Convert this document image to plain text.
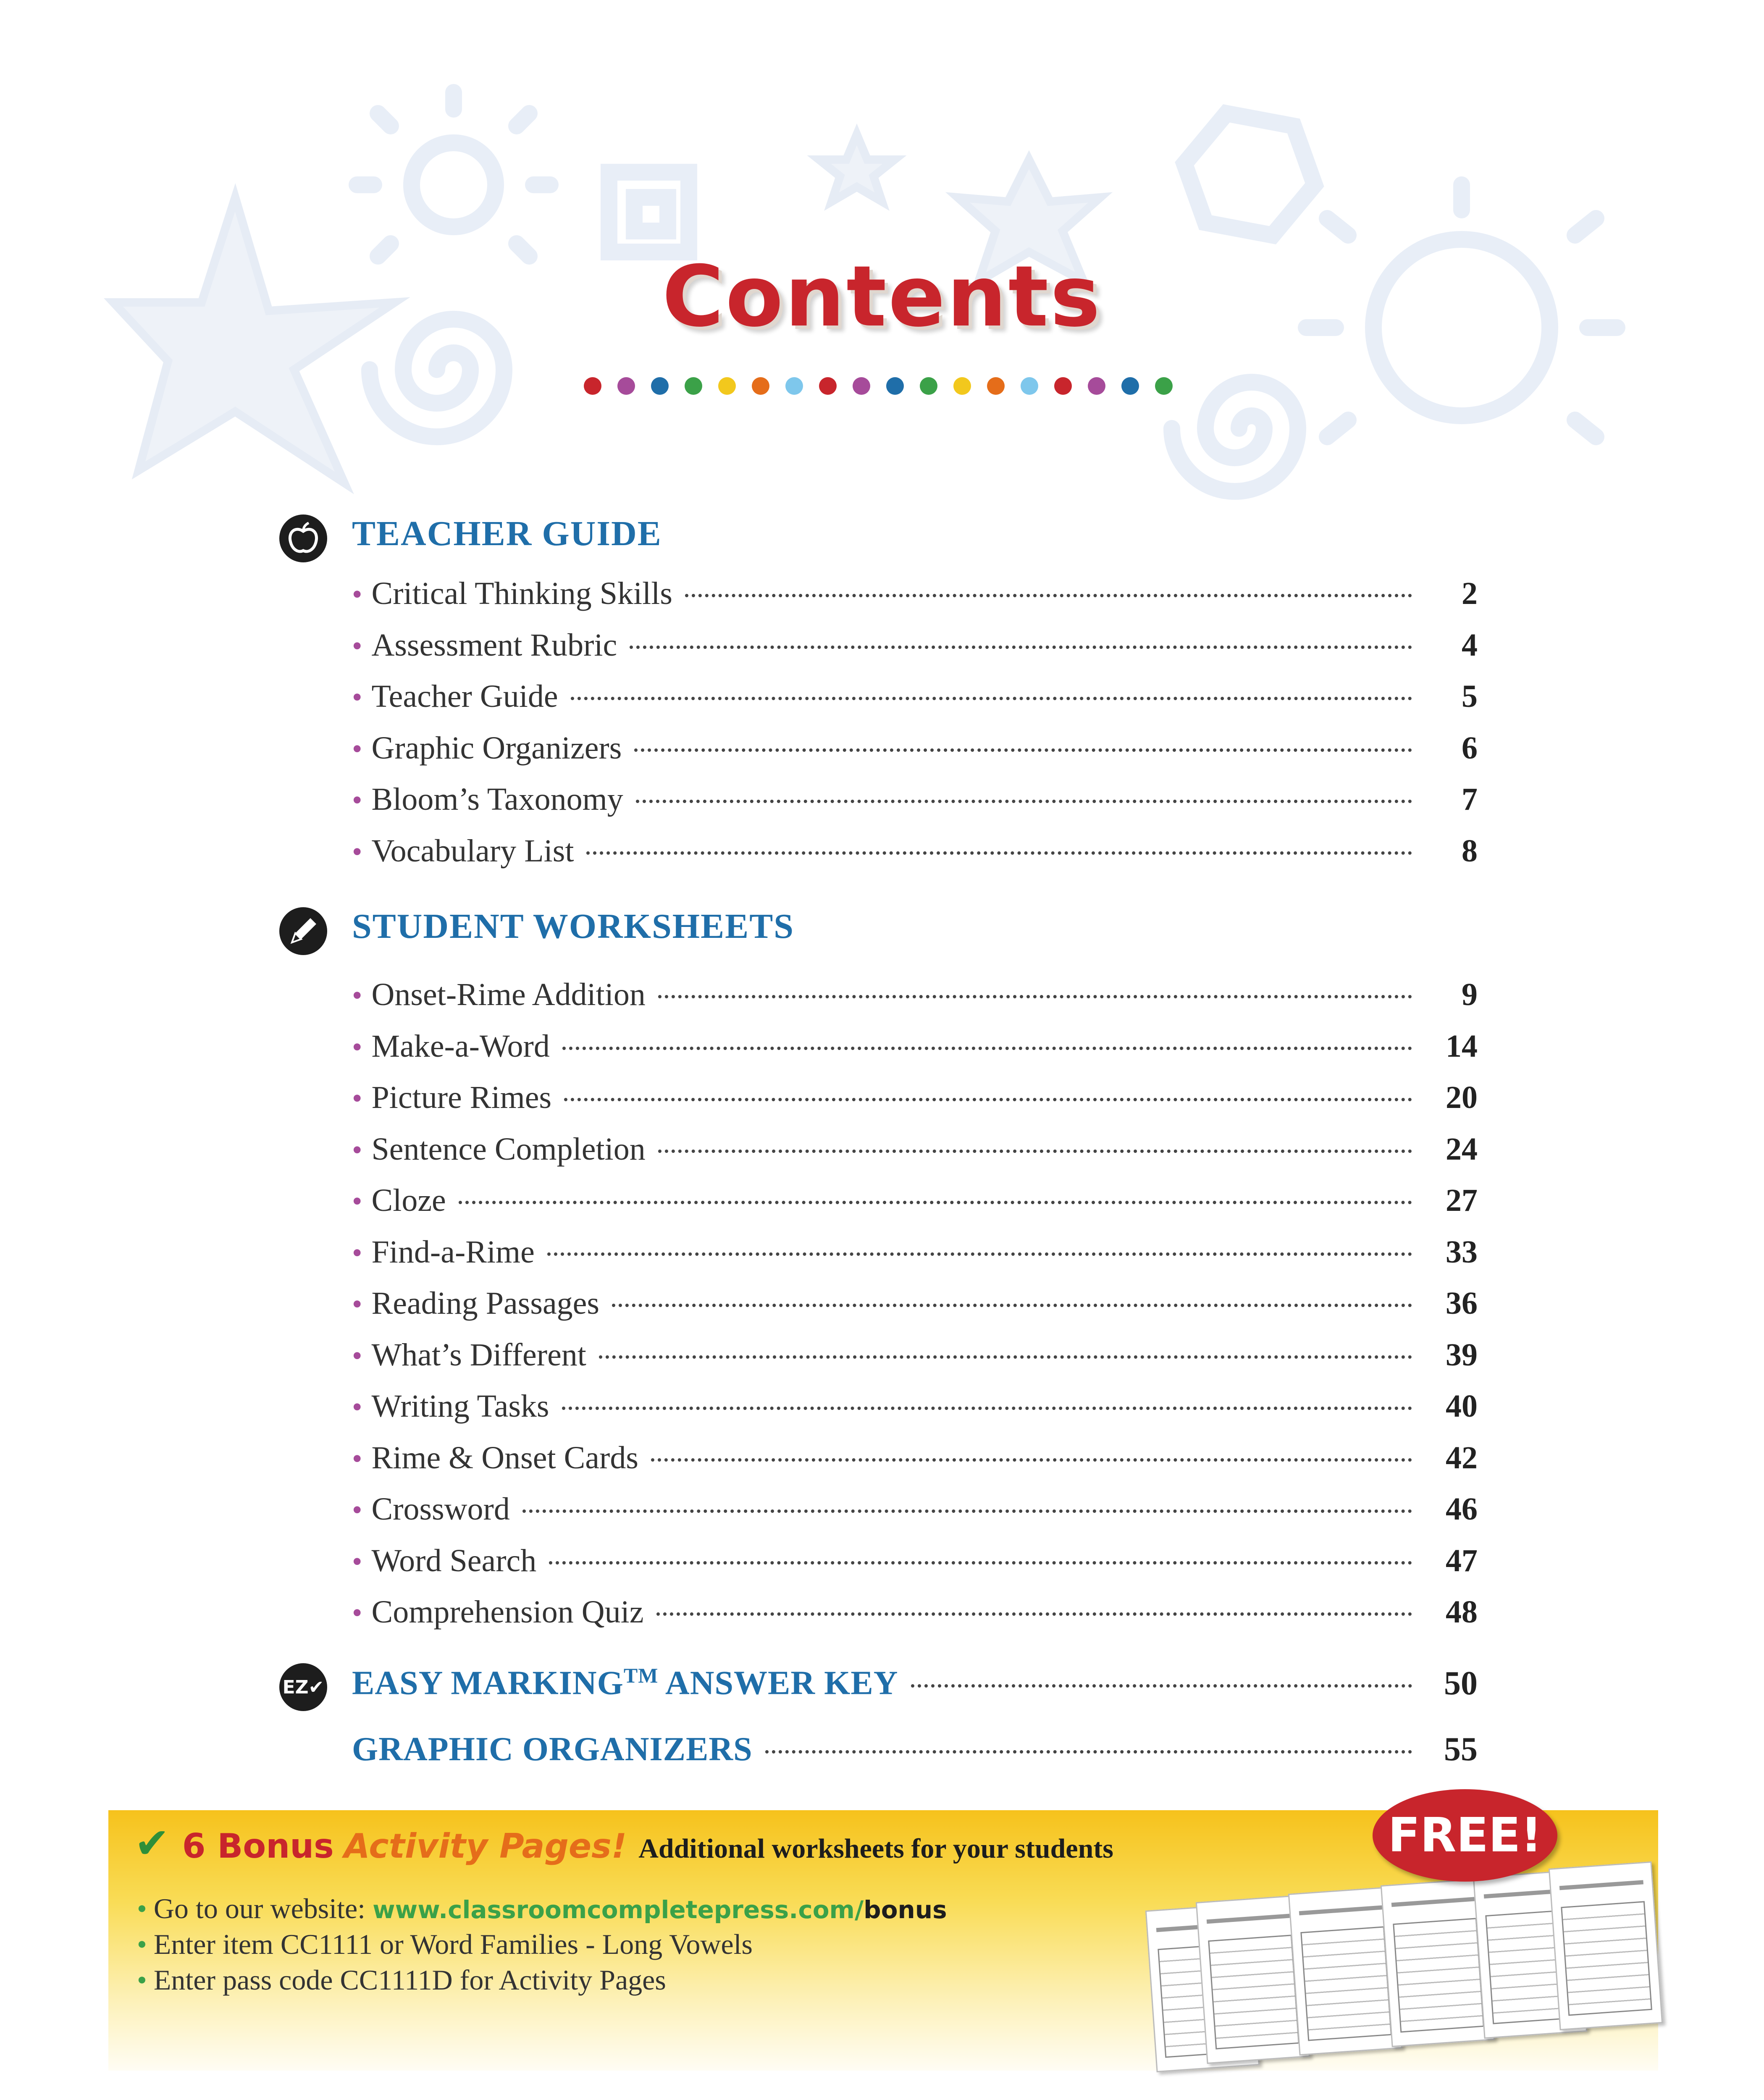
Contents
TEACHER GUIDE
• Critical Thinking Skills	2
• Assessment Rubric	4
• Teacher Guide	5
• Graphic Organizers	6
• Bloom’s Taxonomy	7
• Vocabulary List	8
STUDENT WORKSHEETS
• Onset-Rime Addition	9
• Make-a-Word	14
• Picture Rimes	20
• Sentence Completion	24
• Cloze	27
• Find-a-Rime	33
• Reading Passages	36
• What’s Different	39
• Writing Tasks	40
• Rime & Onset Cards	42
• Crossword	46
• Word Search	47
• Comprehension Quiz	48
EZ✔ EASY MARKING™ ANSWER KEY	50
GRAPHIC ORGANIZERS	55
✔ 6 Bonus Activity Pages! Additional worksheets for your students
• Go to our website: www.classroomcompletepress.com/bonus
• Enter item CC1111 or Word Families - Long Vowels
• Enter pass code CC1111D for Activity Pages
FREE!
